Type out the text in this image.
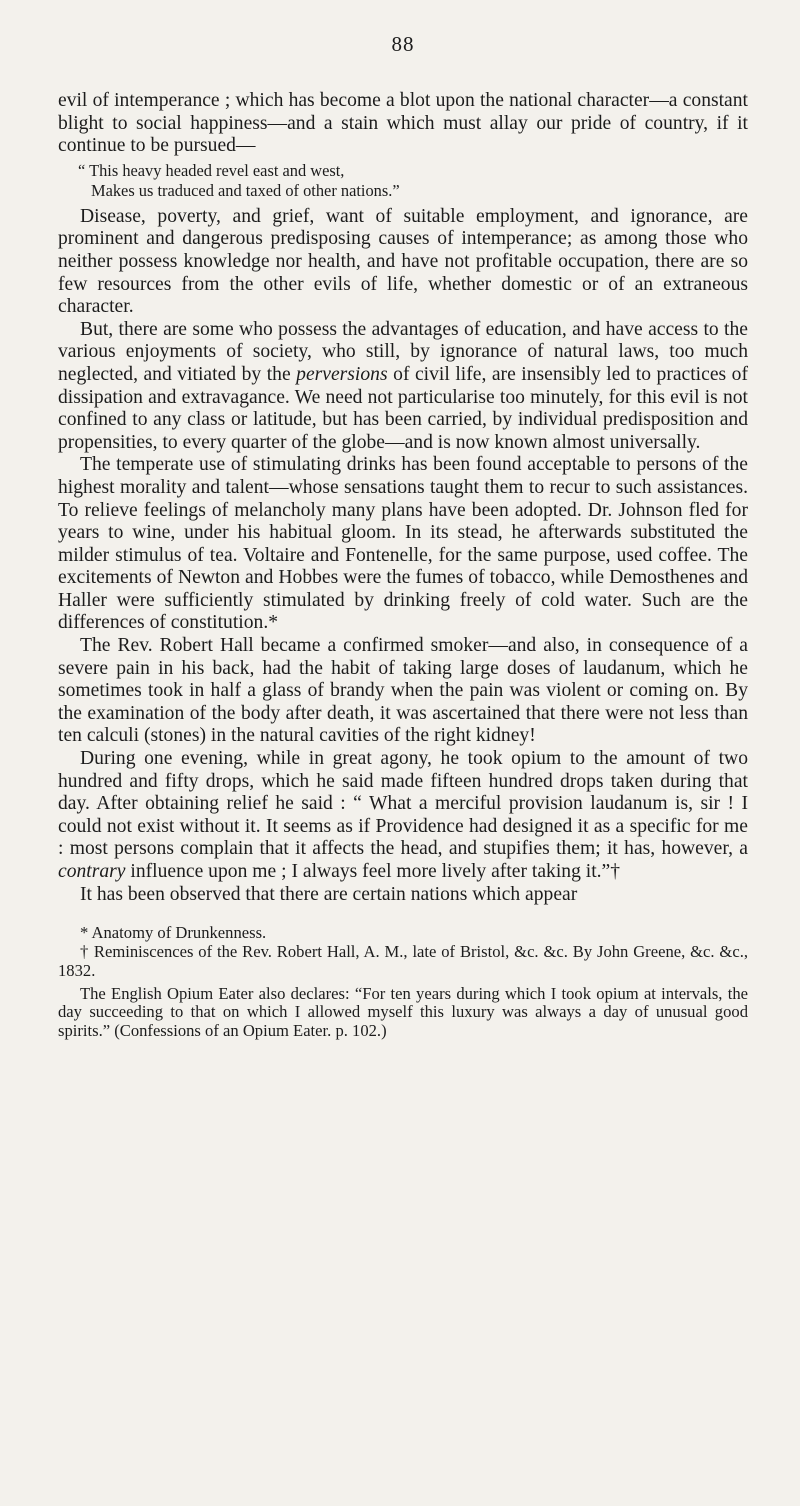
88

evil of intemperance ; which has become a blot upon the national character—a constant blight to social happiness—and a stain which must allay our pride of country, if it continue to be pursued—

“ This heavy headed revel east and west,
Makes us traduced and taxed of other nations.”

Disease, poverty, and grief, want of suitable employment, and ignorance, are prominent and dangerous predisposing causes of intemperance; as among those who neither possess knowledge nor health, and have not profitable occupation, there are so few resources from the other evils of life, whether domestic or of an extraneous character.

But, there are some who possess the advantages of education, and have access to the various enjoyments of society, who still, by ignorance of natural laws, too much neglected, and vitiated by the perversions of civil life, are insensibly led to practices of dissipation and extravagance. We need not particularise too minutely, for this evil is not confined to any class or latitude, but has been carried, by individual predisposition and propensities, to every quarter of the globe—and is now known almost universally.

The temperate use of stimulating drinks has been found acceptable to persons of the highest morality and talent—whose sensations taught them to recur to such assistances. To relieve feelings of melancholy many plans have been adopted. Dr. Johnson fled for years to wine, under his habitual gloom. In its stead, he afterwards substituted the milder stimulus of tea. Voltaire and Fontenelle, for the same purpose, used coffee. The excitements of Newton and Hobbes were the fumes of tobacco, while Demosthenes and Haller were sufficiently stimulated by drinking freely of cold water. Such are the differences of constitution.*

The Rev. Robert Hall became a confirmed smoker—and also, in consequence of a severe pain in his back, had the habit of taking large doses of laudanum, which he sometimes took in half a glass of brandy when the pain was violent or coming on. By the examination of the body after death, it was ascertained that there were not less than ten calculi (stones) in the natural cavities of the right kidney!

During one evening, while in great agony, he took opium to the amount of two hundred and fifty drops, which he said made fifteen hundred drops taken during that day. After obtaining relief he said : “ What a merciful provision laudanum is, sir ! I could not exist without it. It seems as if Providence had designed it as a specific for me : most persons complain that it affects the head, and stupifies them; it has, however, a contrary influence upon me ; I always feel more lively after taking it.”†

It has been observed that there are certain nations which appear

* Anatomy of Drunkenness.

† Reminiscences of the Rev. Robert Hall, A. M., late of Bristol, &c. &c. By John Greene, &c. &c., 1832.

The English Opium Eater also declares: “For ten years during which I took opium at intervals, the day succeeding to that on which I allowed myself this luxury was always a day of unusual good spirits.” (Confessions of an Opium Eater. p. 102.)
